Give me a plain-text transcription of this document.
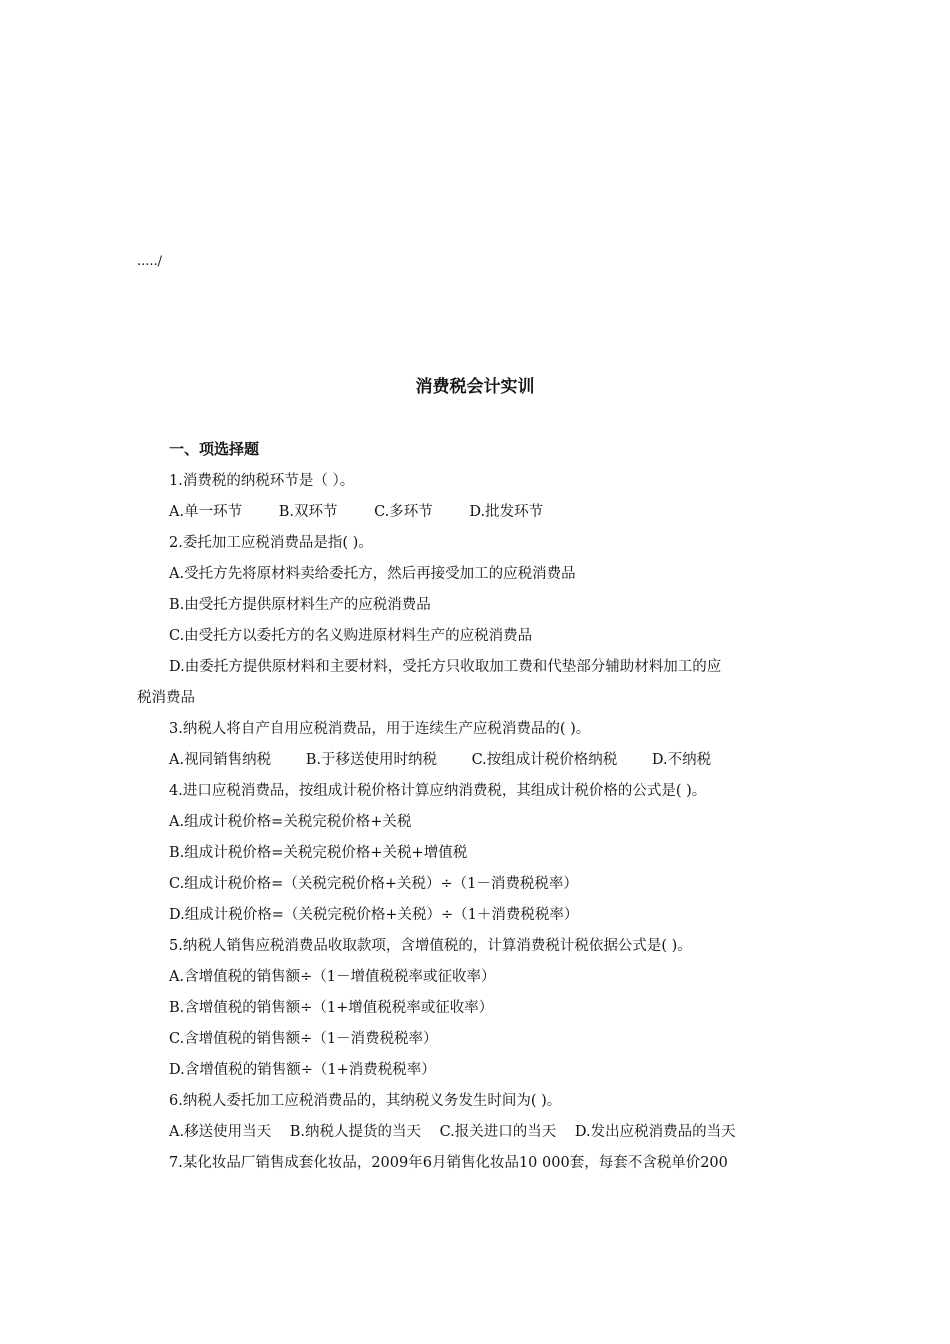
...../
消费税会计实训
一、项选择题
1.消费税的纳税环节是（ ）。
A.单一环节	B.双环节	C.多环节	D.批发环节
2.委托加工应税消费品是指( )。
A.受托方先将原材料卖给委托方，然后再接受加工的应税消费品
B.由受托方提供原材料生产的应税消费品
C.由受托方以委托方的名义购进原材料生产的应税消费品
D.由委托方提供原材料和主要材料，受托方只收取加工费和代垫部分辅助材料加工的应
税消费品
3.纳税人将自产自用应税消费品，用于连续生产应税消费品的( )。
A.视同销售纳税 B.于移送使用时纳税 C.按组成计税价格纳税 D.不纳税
4.进口应税消费品，按组成计税价格计算应纳消费税，其组成计税价格的公式是( )。
A.组成计税价格=关税完税价格+关税
B.组成计税价格=关税完税价格+关税+增值税
C.组成计税价格=（关税完税价格+关税）÷（1－消费税税率）
D.组成计税价格=（关税完税价格+关税）÷（1＋消费税税率）
5.纳税人销售应税消费品收取款项，含增值税的，计算消费税计税依据公式是( )。
A.含增值税的销售额÷（1－增值税税率或征收率）
B.含增值税的销售额÷（1+增值税税率或征收率）
C.含增值税的销售额÷（1－消费税税率）
D.含增值税的销售额÷（1+消费税税率）
6.纳税人委托加工应税消费品的，其纳税义务发生时间为( )。
A.移送使用当天 B.纳税人提货的当天 C.报关进口的当天 D.发出应税消费品的当天
7.某化妆品厂销售成套化妆品，2009年6月销售化妆品10 000套，每套不含税单价200
